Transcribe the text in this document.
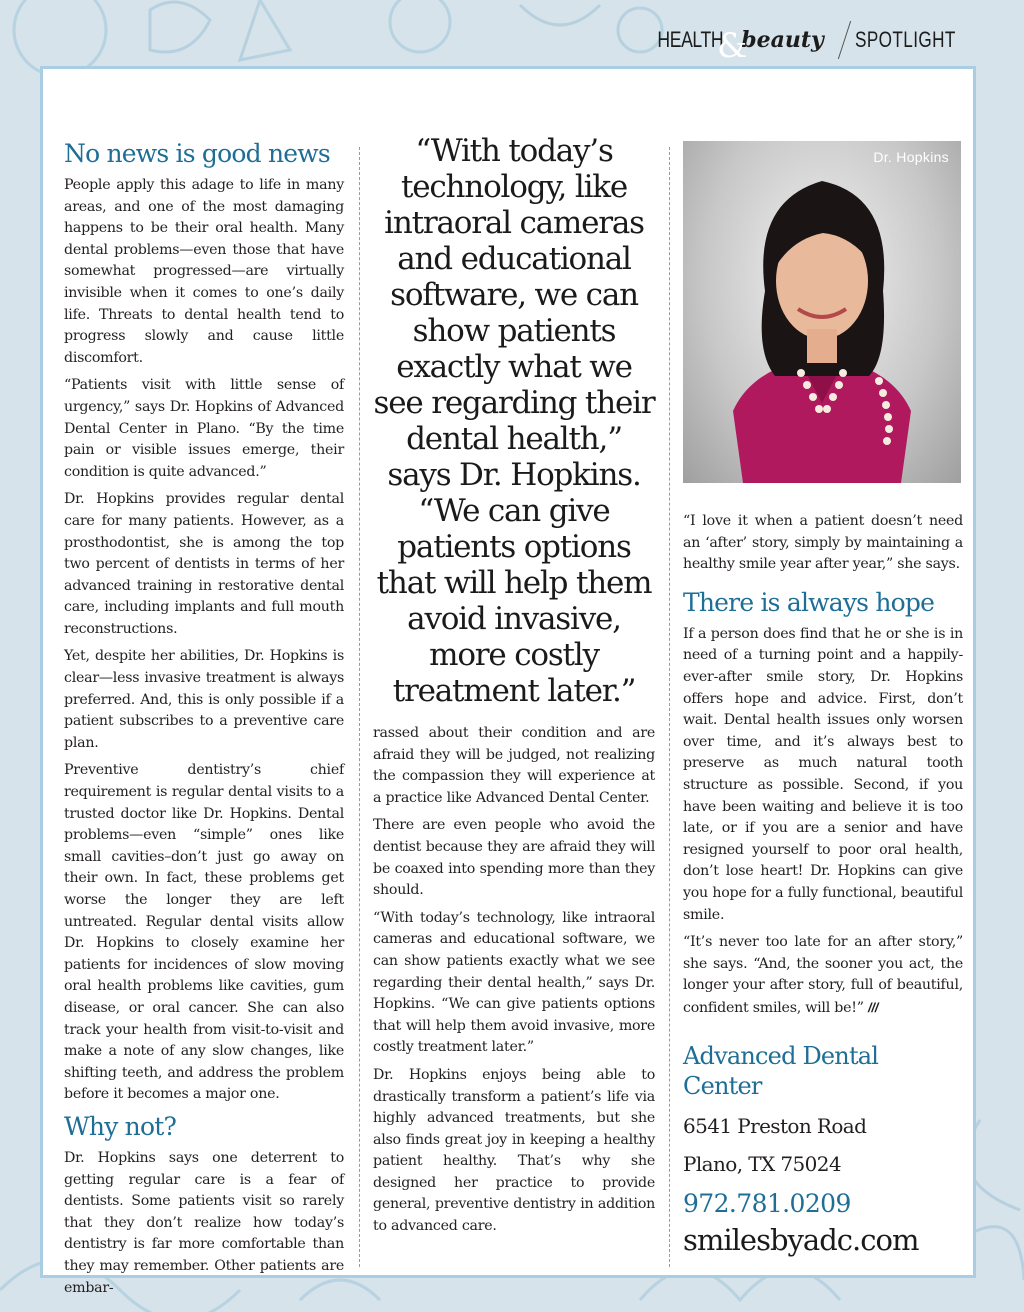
HEALTH
&
beauty SPOTLIGHT
No news is good news

People apply this adage to life in many areas, and one of the most damaging happens to be their oral health. Many dental problems—even those that have somewhat progressed—are virtually invisible when it comes to one’s daily life. Threats to dental health tend to progress slowly and cause little discomfort.

“Patients visit with little sense of urgency,” says Dr. Hopkins of Advanced Dental Center in Plano. “By the time pain or visible issues emerge, their condition is quite advanced.”

Dr. Hopkins provides regular dental care for many patients. However, as a prosthodontist, she is among the top two percent of dentists in terms of her advanced training in restorative dental care, including implants and full mouth reconstructions.

Yet, despite her abilities, Dr. Hopkins is clear—less invasive treatment is always preferred. And, this is only possible if a patient subscribes to a preventive care plan.

Preventive dentistry’s chief requirement is regular dental visits to a trusted doctor like Dr. Hopkins. Dental problems—even “simple” ones like small cavities–don’t just go away on their own. In fact, these problems get worse the longer they are left untreated. Regular dental visits allow Dr. Hopkins to closely examine her patients for incidences of slow moving oral health problems like cavities, gum disease, or oral cancer. She can also track your health from visit-to-visit and make a note of any slow changes, like shifting teeth, and address the problem before it becomes a major one.

Why not?

Dr. Hopkins says one deterrent to getting regular care is a fear of dentists. Some patients visit so rarely that they don’t realize how today’s dentistry is far more comfortable than they may remember. Other patients are embar-

“With today’s technology, like intraoral cameras and educational software, we can show patients exactly what we see regarding their dental health,” says Dr. Hopkins. “We can give patients options that will help them avoid invasive, more costly treatment later.”

rassed about their condition and are afraid they will be judged, not realizing the compassion they will experience at a practice like Advanced Dental Center.

There are even people who avoid the dentist because they are afraid they will be coaxed into spending more than they should.

“With today’s technology, like intraoral cameras and educational software, we can show patients exactly what we see regarding their dental health,” says Dr. Hopkins. “We can give patients options that will help them avoid invasive, more costly treatment later.”

Dr. Hopkins enjoys being able to drastically transform a patient’s life via highly advanced treatments, but she also finds great joy in keeping a healthy patient healthy. That’s why she designed her practice to provide general, preventive dentistry in addition to advanced care.

Dr. Hopkins

“I love it when a patient doesn’t need an ‘after’ story, simply by maintaining a healthy smile year after year,” she says.

There is always hope

If a person does find that he or she is in need of a turning point and a happily-ever-after smile story, Dr. Hopkins offers hope and advice. First, don’t wait. Dental health issues only worsen over time, and it’s always best to preserve as much natural tooth structure as possible. Second, if you have been waiting and believe it is too late, or if you are a senior and have resigned yourself to poor oral health, don’t lose heart! Dr. Hopkins can give you hope for a fully functional, beautiful smile.

“It’s never too late for an after story,” she says. “And, the sooner you act, the longer your after story, full of beautiful, confident smiles, will be!” ///

Advanced Dental Center
6541 Preston Road
Plano, TX 75024
972.781.0209
smilesbyadc.com
